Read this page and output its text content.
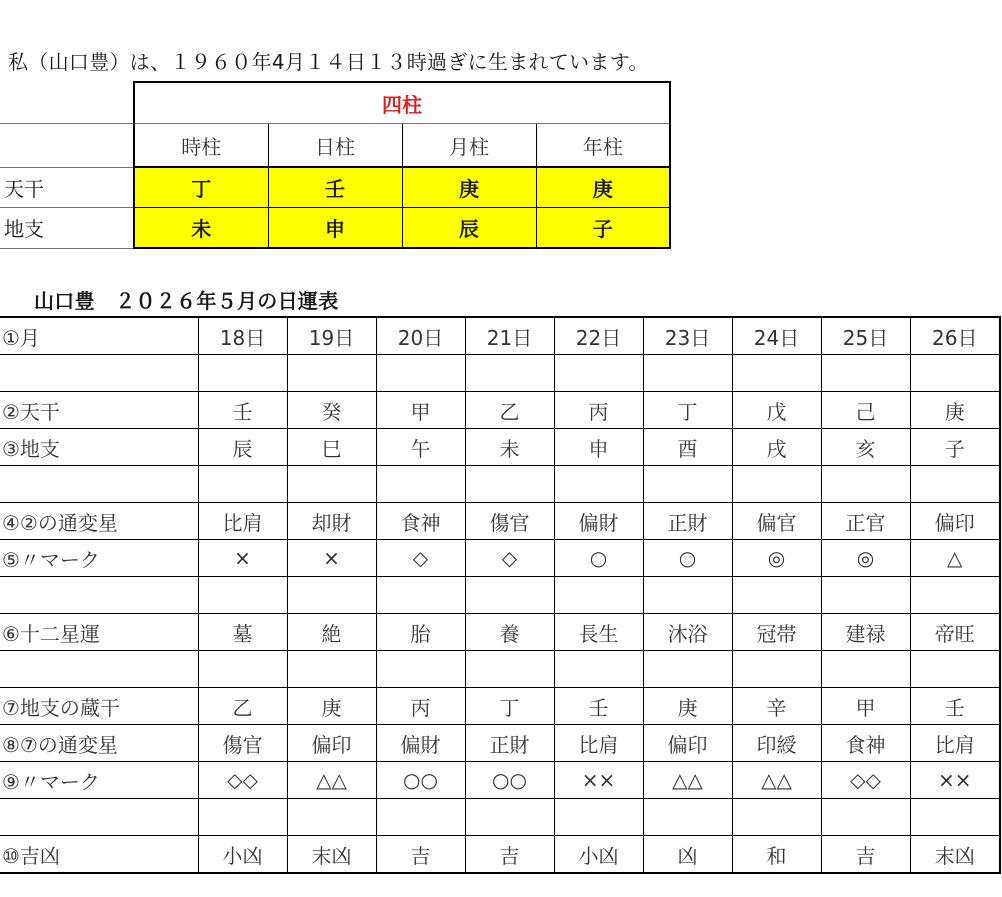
私（山口豊）は、１９６０年4月１４日１３時過ぎに生まれています。
	四柱			
	時柱	日柱	月柱	年柱
天干	丁	壬	庚	庚
地支	未	申	辰	子
山口豊　２０２６年５月の日運表
①月	18日	19日	20日	21日	22日	23日	24日	25日	26日

②天干	壬	癸	甲	乙	丙	丁	戊	己	庚
③地支	辰	巳	午	未	申	酉	戌	亥	子

④②の通変星	比肩	却財	食神	傷官	偏財	正財	偏官	正官	偏印
⑤〃マーク	×	×	◇	◇	○	○	◎	◎	△

⑥十二星運	墓	絶	胎	養	長生	沐浴	冠帯	建禄	帝旺

⑦地支の蔵干	乙	庚	丙	丁	壬	庚	辛	甲	壬
⑧⑦の通変星	傷官	偏印	偏財	正財	比肩	偏印	印綬	食神	比肩
⑨〃マーク	◇◇	△△	○○	○○	××	△△	△△	◇◇	××

⑩吉凶	小凶	末凶	吉	吉	小凶	凶	和	吉	末凶
